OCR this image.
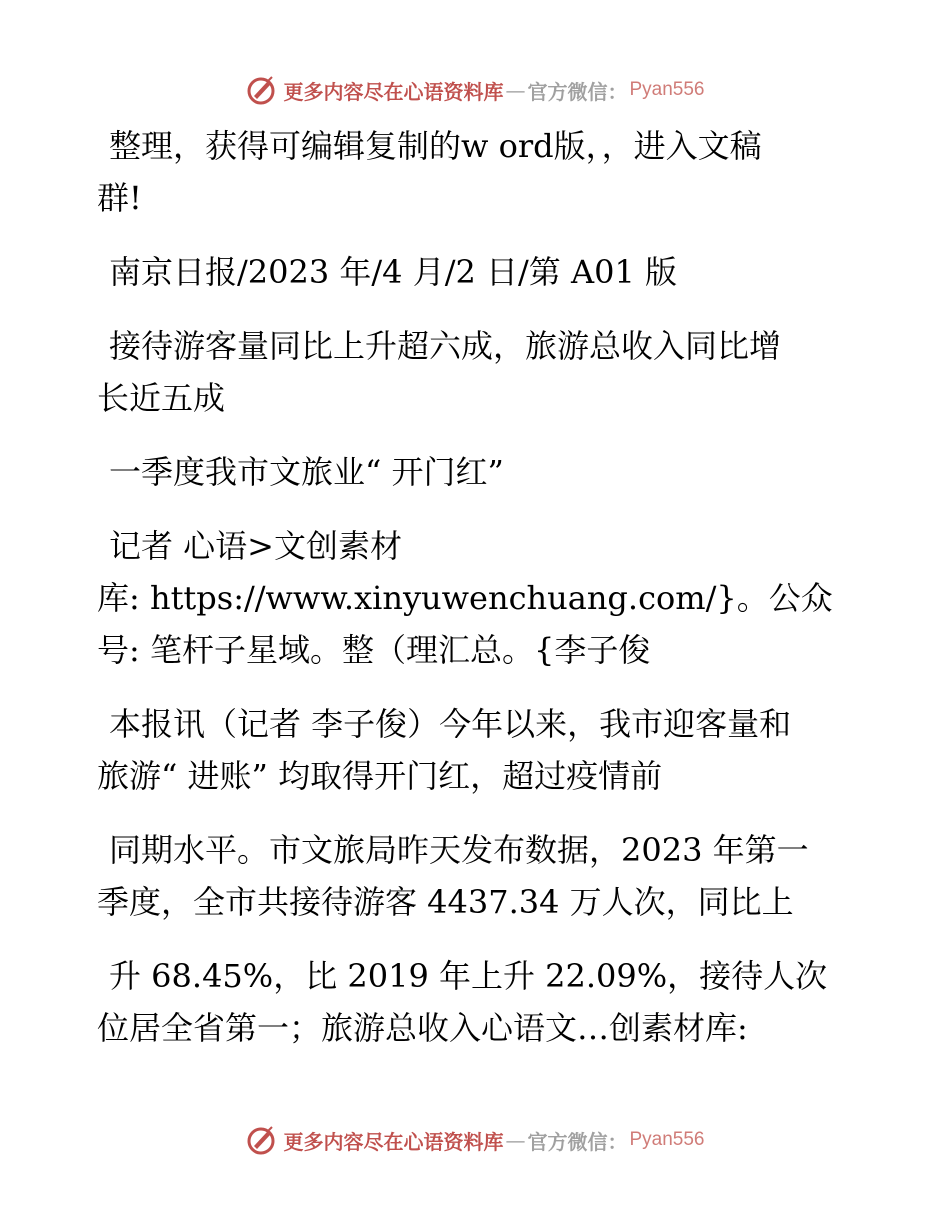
更多内容尽在心语资料库 — 官方微信： Pyan556

整理，获得可编辑复制的w ord版，，进入文稿
群!

南京日报/2023 年/4 月/2 日/第 A01 版

接待游客量同比上升超六成，旅游总收入同比增
长近五成

一季度我市文旅业“ 开门红”

记者 心语>文创素材

库: https://www.xinyuwenchuang.com/}。公众
号: 笔杆子星域。整（理汇总。{李子俊

本报讯（记者 李子俊）今年以来，我市迎客量和
旅游“ 进账” 均取得开门红，超过疫情前

同期水平。市文旅局昨天发布数据，2023 年第一
季度，全市共接待游客 4437.34 万人次，同比上

升 68.45%，比 2019 年上升 22.09%，接待人次
位居全省第一；旅游总收入心语文…创素材库:

更多内容尽在心语资料库 — 官方微信： Pyan556
